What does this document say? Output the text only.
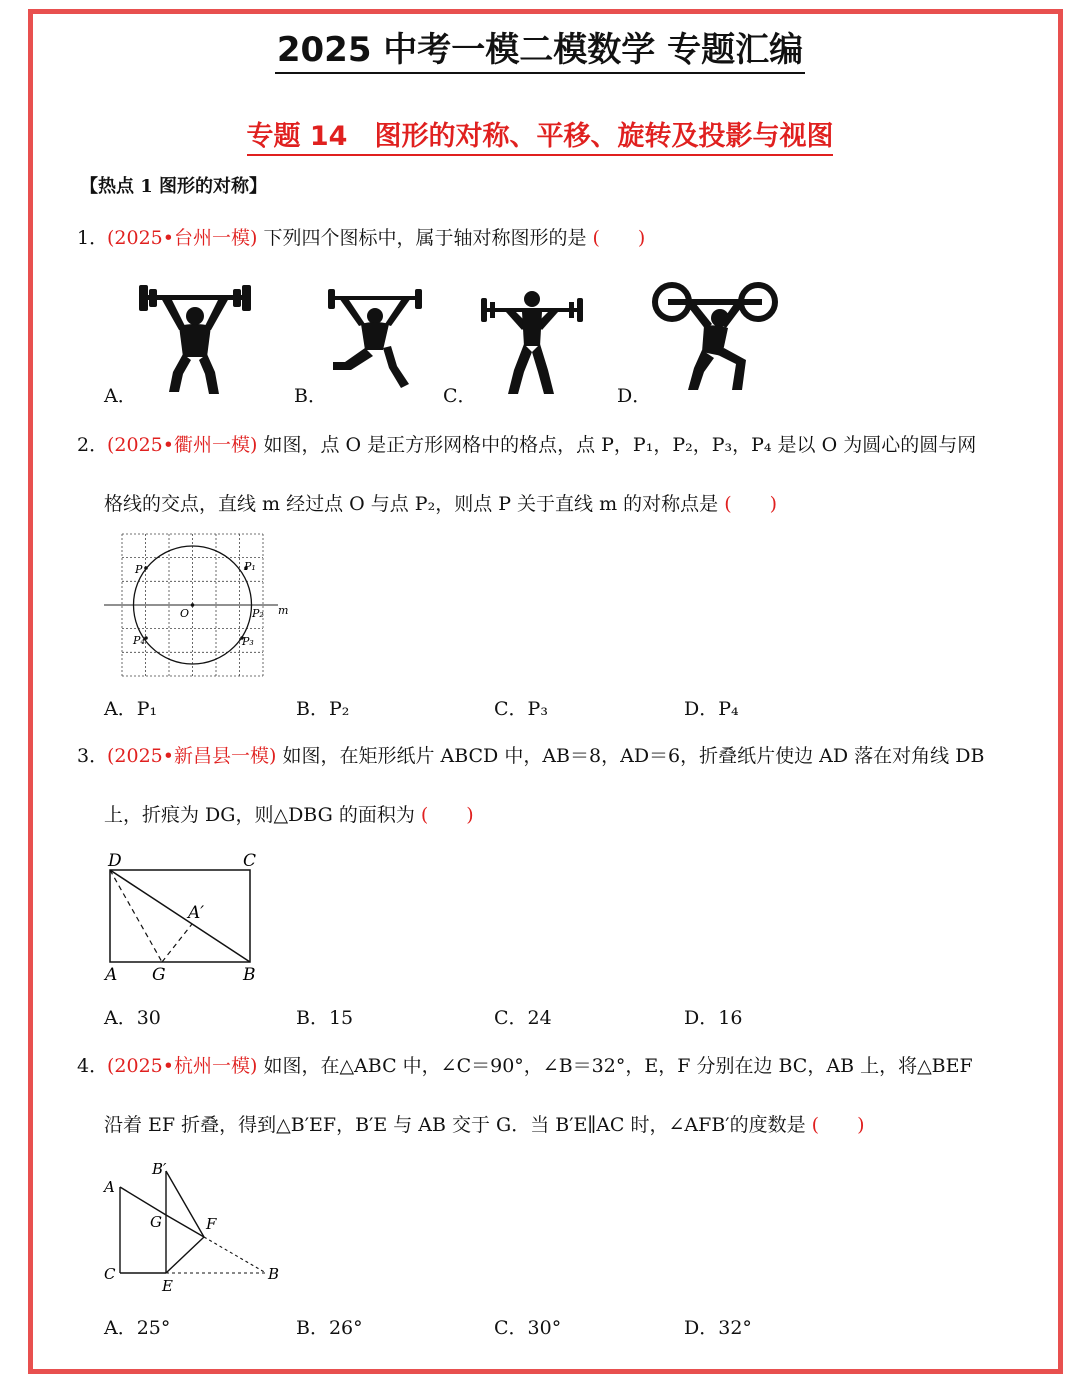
2025 中考一模二模数学 专题汇编
专题 14　图形的对称、平移、旋转及投影与视图
【热点 1 图形的对称】
1．(2025•台州一模) 下列四个图标中，属于轴对称图形的是 (　　)
A．	B．	C．	D．
2．(2025•衢州一模) 如图，点 O 是正方形网格中的格点，点 P，P₁，P₂，P₃，P₄ 是以 O 为圆心的圆与网
格线的交点，直线 m 经过点 O 与点 P₂，则点 P 关于直线 m 的对称点是 (　　)
O
P	P₁
P₂
P₃
P₄
m
A．P₁	B．P₂	C．P₃	D．P₄
3．(2025•新昌县一模) 如图，在矩形纸片 ABCD 中，AB＝8，AD＝6，折叠纸片使边 AD 落在对角线 DB
上，折痕为 DG，则△DBG 的面积为 (　　)
D	C
A	B
G
A′
A．30	B．15	C．24	D．16
4．(2025•杭州一模) 如图，在△ABC 中，∠C＝90°，∠B＝32°，E，F 分别在边 BC，AB 上，将△BEF
沿着 EF 折叠，得到△B′EF，B′E 与 AB 交于 G．当 B′E∥AC 时，∠AFB′的度数是 (　　)
A
B′
G	F
C
E
B
A．25°	B．26°	C．30°	D．32°
